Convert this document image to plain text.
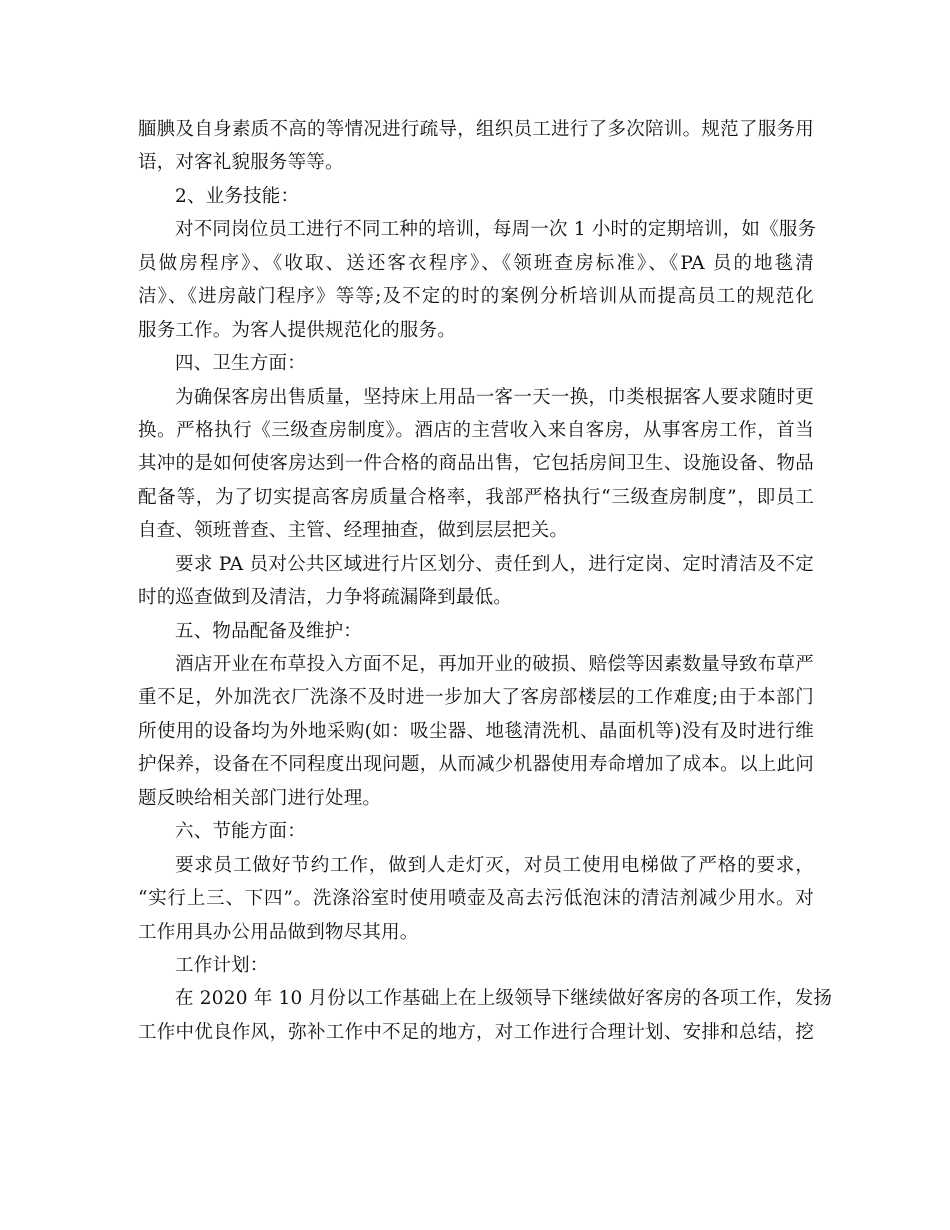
腼腆及自身素质不高的等情况进行疏导，组织员工进行了多次陪训。规范了服务用
语，对客礼貌服务等等。
2、业务技能：
对不同岗位员工进行不同工种的培训，每周一次 1 小时的定期培训，如《服务
员做房程序》、《收取、送还客衣程序》、《领班查房标准》、《PA 员的地毯清
洁》、《进房敲门程序》等等;及不定的时的案例分析培训从而提高员工的规范化
服务工作。为客人提供规范化的服务。
四、卫生方面：
为确保客房出售质量，坚持床上用品一客一天一换，巾类根据客人要求随时更
换。严格执行《三级查房制度》。酒店的主营收入来自客房，从事客房工作，首当
其冲的是如何使客房达到一件合格的商品出售，它包括房间卫生、设施设备、物品
配备等，为了切实提高客房质量合格率，我部严格执行“三级查房制度”，即员工
自查、领班普查、主管、经理抽查，做到层层把关。
要求 PA 员对公共区域进行片区划分、责任到人，进行定岗、定时清洁及不定
时的巡查做到及清洁，力争将疏漏降到最低。
五、物品配备及维护：
酒店开业在布草投入方面不足，再加开业的破损、赔偿等因素数量导致布草严
重不足，外加洗衣厂洗涤不及时进一步加大了客房部楼层的工作难度;由于本部门
所使用的设备均为外地采购(如：吸尘器、地毯清洗机、晶面机等)没有及时进行维
护保养，设备在不同程度出现问题，从而减少机器使用寿命增加了成本。以上此问
题反映给相关部门进行处理。
六、节能方面：
要求员工做好节约工作，做到人走灯灭，对员工使用电梯做了严格的要求，
“实行上三、下四”。洗涤浴室时使用喷壶及高去污低泡沫的清洁剂减少用水。对
工作用具办公用品做到物尽其用。
工作计划：
在 2020 年 10 月份以工作基础上在上级领导下继续做好客房的各项工作，发扬
工作中优良作风，弥补工作中不足的地方，对工作进行合理计划、安排和总结，挖
